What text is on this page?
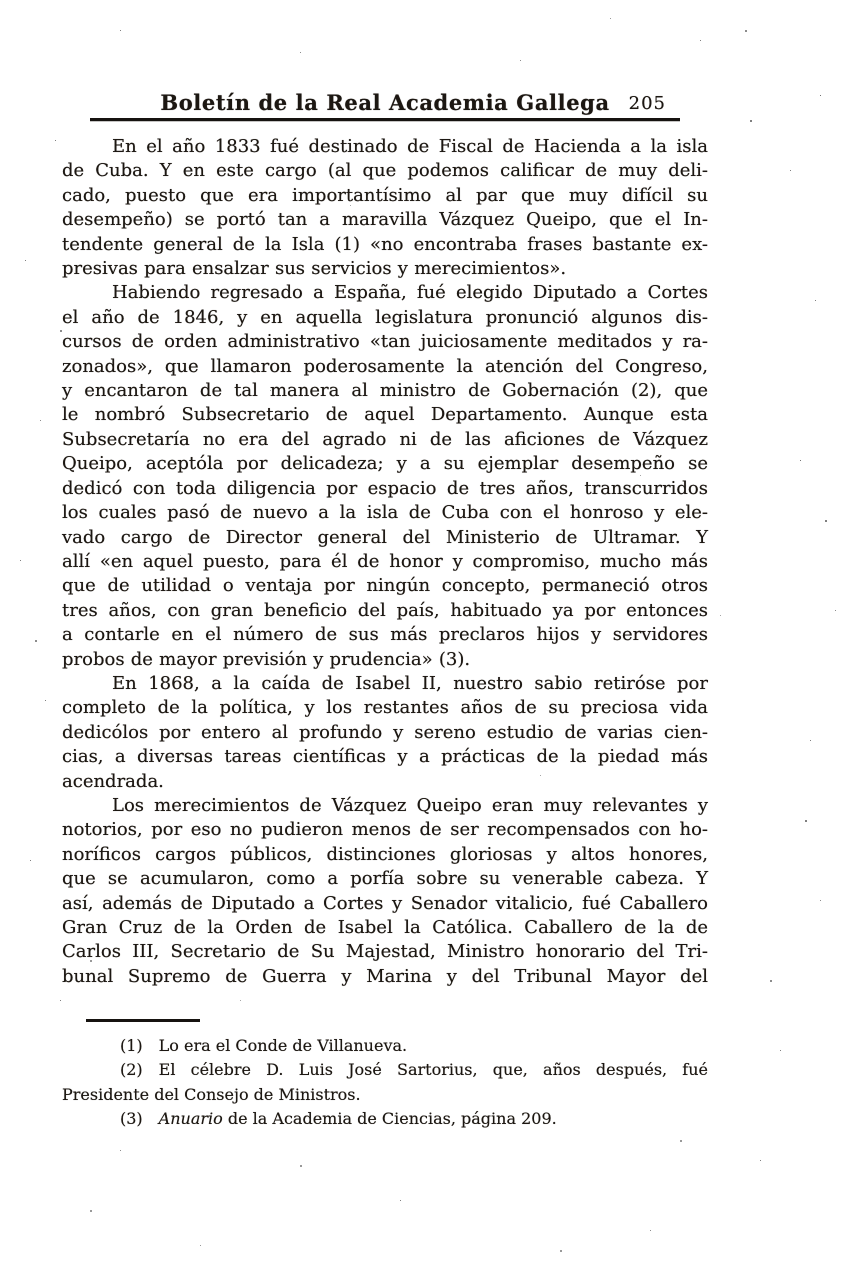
Boletín de la Real Academia Gallega	205
En el año 1833 fué destinado de Fiscal de Hacienda a la isla
de Cuba. Y en este cargo (al que podemos calificar de muy deli-
cado, puesto que era importantísimo al par que muy difícil su
desempeño) se portó tan a maravilla Vázquez Queipo, que el In-
tendente general de la Isla (1) «no encontraba frases bastante ex-
presivas para ensalzar sus servicios y merecimientos».
Habiendo regresado a España, fué elegido Diputado a Cortes
el año de 1846, y en aquella legislatura pronunció algunos dis-
cursos de orden administrativo «tan juiciosamente meditados y ra-
zonados», que llamaron poderosamente la atención del Congreso,
y encantaron de tal manera al ministro de Gobernación (2), que
le nombró Subsecretario de aquel Departamento. Aunque esta
Subsecretaría no era del agrado ni de las aficiones de Vázquez
Queipo, aceptóla por delicadeza; y a su ejemplar desempeño se
dedicó con toda diligencia por espacio de tres años, transcurridos
los cuales pasó de nuevo a la isla de Cuba con el honroso y ele-
vado cargo de Director general del Ministerio de Ultramar. Y
allí «en aquel puesto, para él de honor y compromiso, mucho más
que de utilidad o ventaja por ningún concepto, permaneció otros
tres años, con gran beneficio del país, habituado ya por entonces
a contarle en el número de sus más preclaros hijos y servidores
probos de mayor previsión y prudencia» (3).
En 1868, a la caída de Isabel II, nuestro sabio retiróse por
completo de la política, y los restantes años de su preciosa vida
dedicólos por entero al profundo y sereno estudio de varias cien-
cias, a diversas tareas científicas y a prácticas de la piedad más
acendrada.
Los merecimientos de Vázquez Queipo eran muy relevantes y
notorios, por eso no pudieron menos de ser recompensados con ho-
noríficos cargos públicos, distinciones gloriosas y altos honores,
que se acumularon, como a porfía sobre su venerable cabeza. Y
así, además de Diputado a Cortes y Senador vitalicio, fué Caballero
Gran Cruz de la Orden de Isabel la Católica. Caballero de la de
Carlos III, Secretario de Su Majestad, Ministro honorario del Tri-
bunal Supremo de Guerra y Marina y del Tribunal Mayor del
(1) Lo era el Conde de Villanueva.
(2) El célebre D. Luis José Sartorius, que, años después, fué
Presidente del Consejo de Ministros.
(3) Anuario de la Academia de Ciencias, página 209.
